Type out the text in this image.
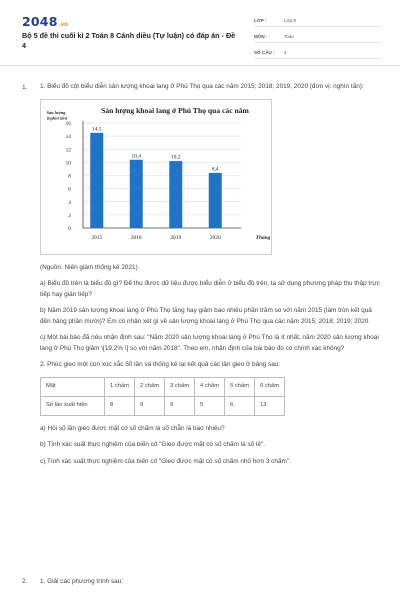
2048.vn
Bộ 5 đề thi cuối kì 2 Toán 8 Cánh diều (Tự luận) có đáp án - Đề 4
LỚP :	Lớp 8
MÔN :	Toán
SỐ CÂU :	4
1. 1. Biểu đồ cột biểu diễn sản lượng khoai lang ở Phú Thọ qua các năm 2015; 2018; 2019; 2020 (đơn vị: nghìn tấn):
Sản lượng khoai lang ở Phú Thọ qua các năm
Sản lượng
(nghìn tấn)
0
2
4
6
8
10
12
14
16
14,5
2015
10,4
2018
10,2
2019
8,4
2020	Tháng
(Nguồn: Niên giám thống kê 2021)
a) Biểu đồ trên là biểu đồ gì? Để thu được dữ liệu được biểu diễn ở biểu đồ trên, ta sử dụng phương pháp thu thập trực tiếp hay gián tiếp?
b) Năm 2019 sản lượng khoai lang ở Phú Thọ tăng hay giảm bao nhiêu phần trăm so với năm 2015 (làm tròn kết quả đến hàng phần mười)? Em có nhận xét gì về sản lượng khoai lang ở Phú Thọ qua các năm 2015; 2018; 2019; 2020.
c) Một bài báo đã nêu nhận định sau: "Năm 2020 sản lượng khoai lang ở Phú Thọ là ít nhất, năm 2020 sản lượng khoai lang ở Phú Thọ giảm \[19,2% \] so với năm 2018". Theo em, nhận định của bài báo đó có chính xác không?
2. Phúc gieo một con xúc xắc 50 lần và thống kê lại kết quả các lần gieo ở bảng sau:
Mặt	1 chấm	2 chấm	3 chấm	4 chấm	5 chấm	6 chấm
Số lần xuất hiện	8	9	9	5	6	13
a) Hỏi số lần gieo được mặt có số chấm là số chẵn là bao nhiêu?
b) Tính xác suất thực nghiệm của biến cố "Gieo được mặt có số chấm là số lẻ".
c) Tính xác suất thực nghiệm của biến cố "Gieo được mặt có số chấm nhỏ hơn 3 chấm".
2. 1. Giải các phương trình sau:
